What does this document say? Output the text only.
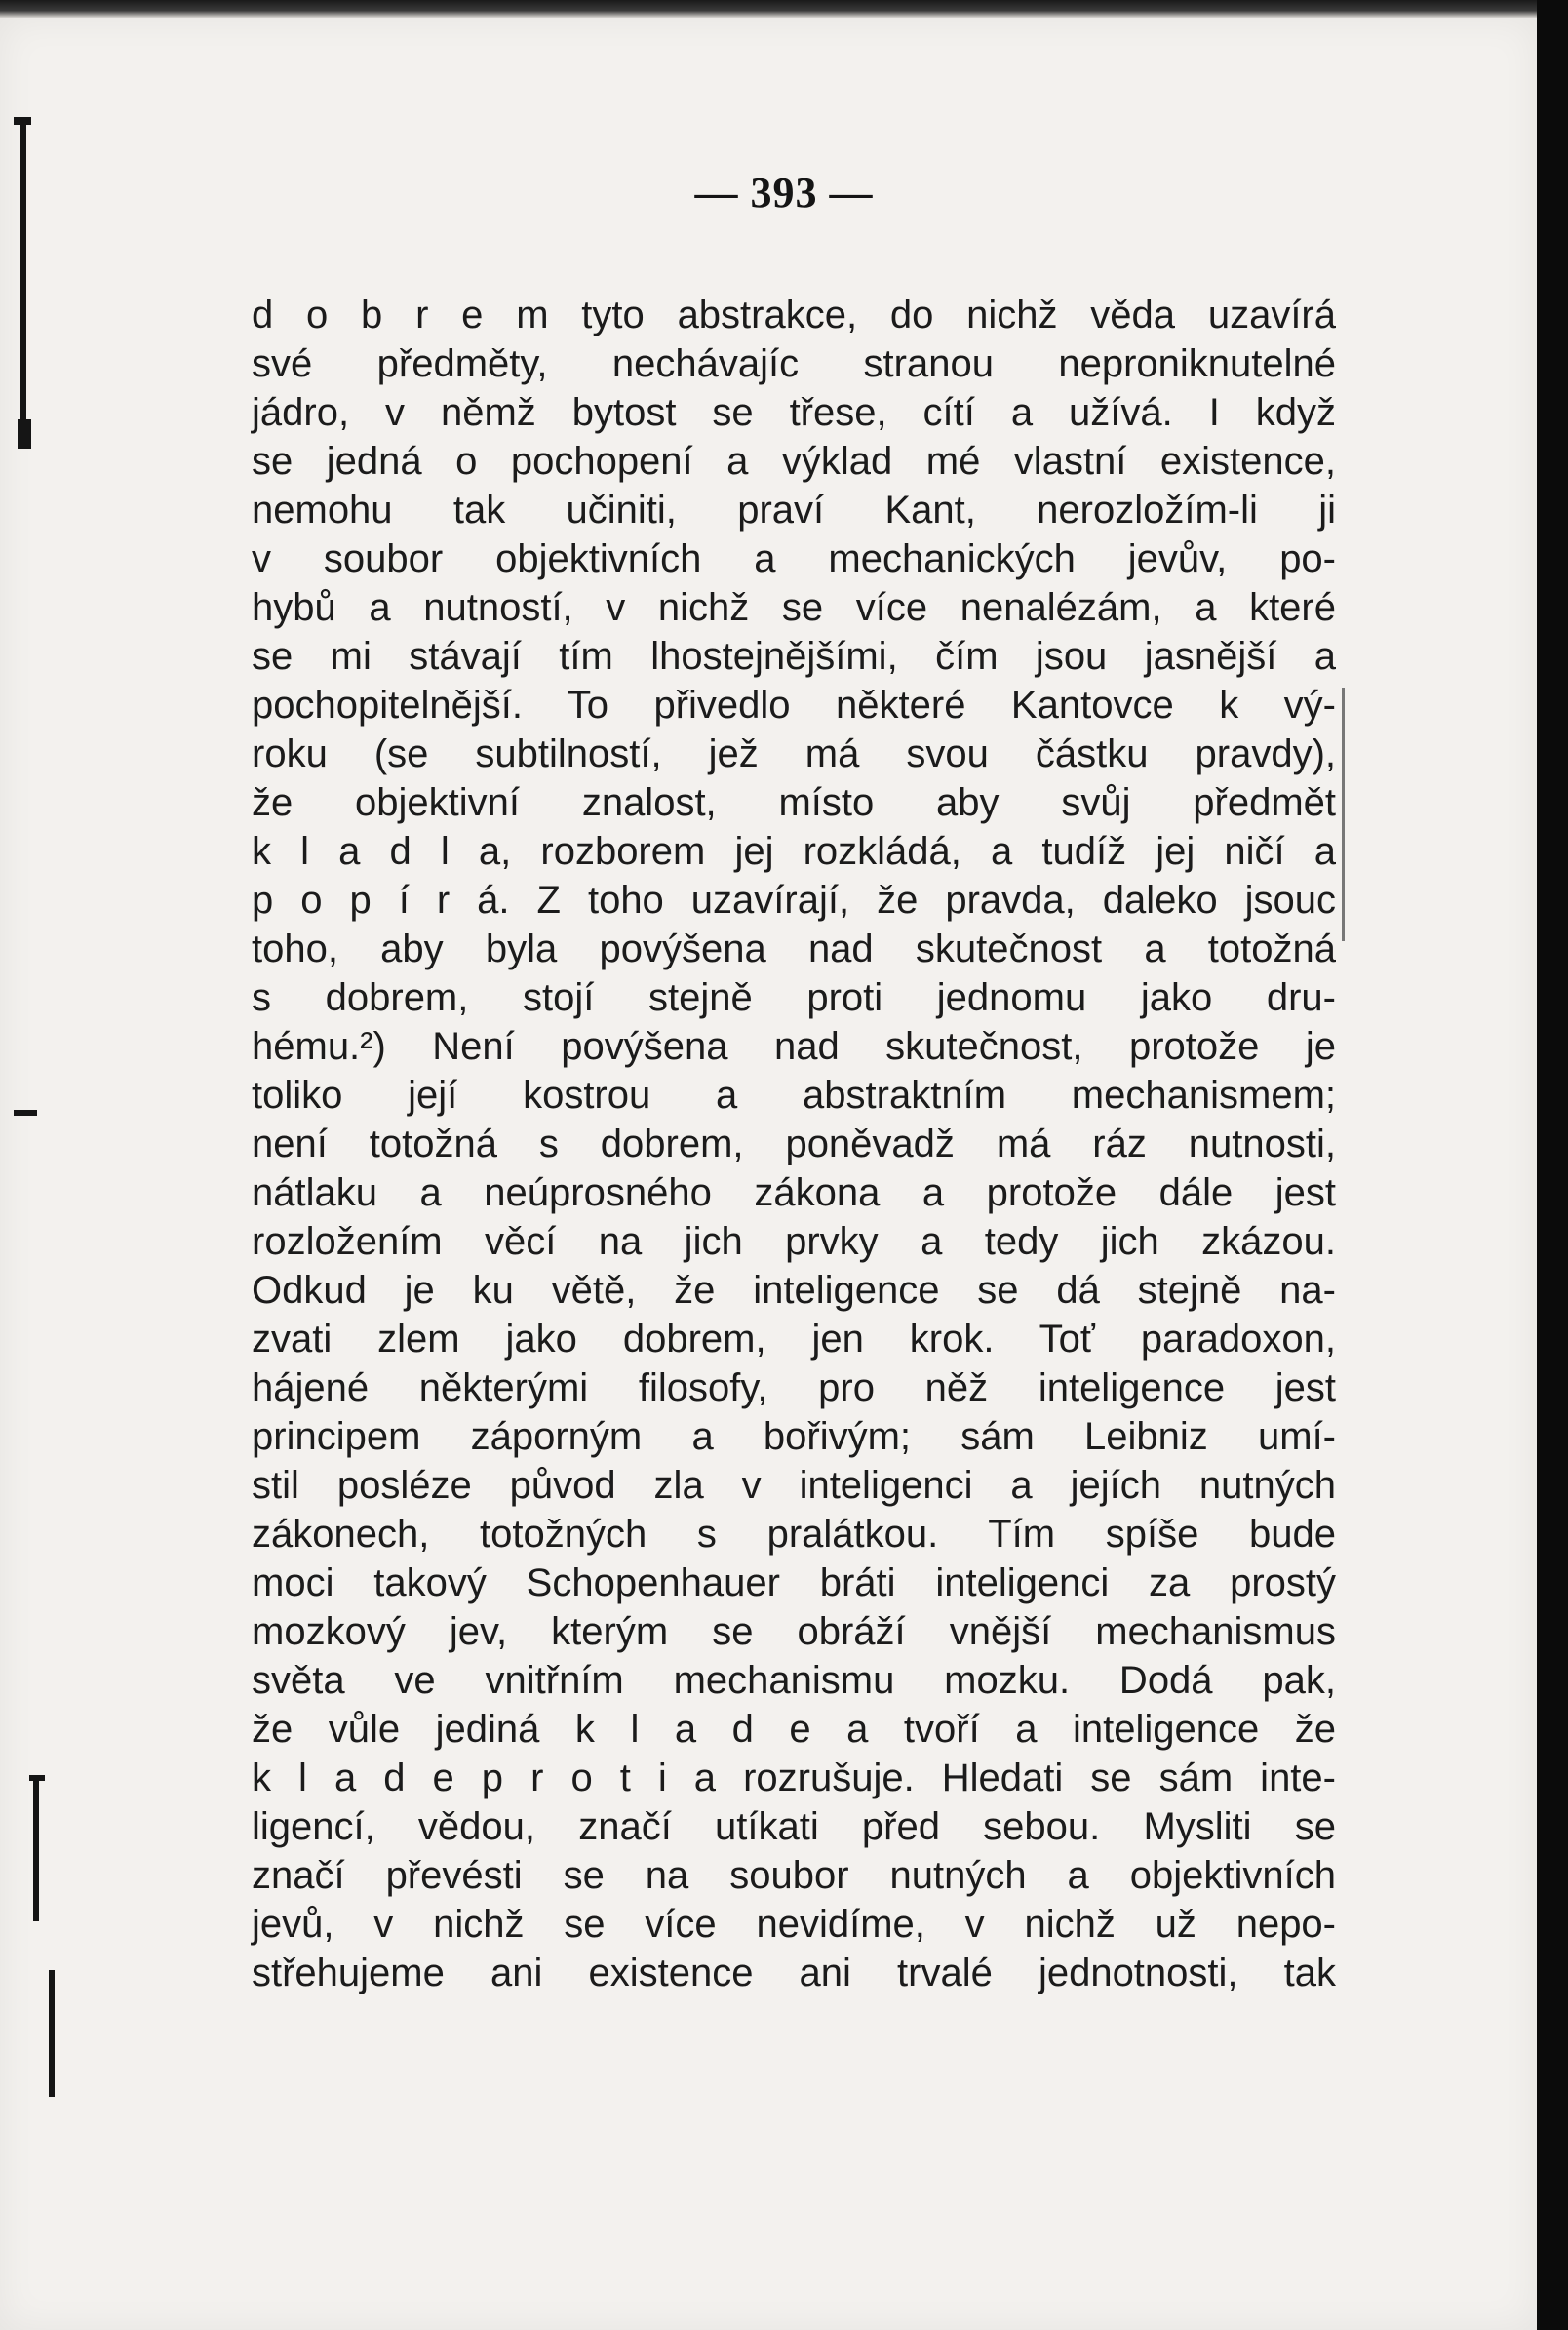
— 393 —
d o b r e m tyto abstrakce, do nichž věda uzavírá
své předměty, nechávajíc stranou neproniknutelné
jádro, v němž bytost se třese, cítí a užívá. I když
se jedná o pochopení a výklad mé vlastní existence,
nemohu tak učiniti, praví Kant, nerozložím-li ji
v soubor objektivních a mechanických jevův, po-
hybů a nutností, v nichž se více nenalézám, a které
se mi stávají tím lhostejnějšími, čím jsou jasnější a
pochopitelnější. To přivedlo některé Kantovce k vý-
roku (se subtilností, jež má svou částku pravdy),
že objektivní znalost, místo aby svůj předmět
k l a d l a, rozborem jej rozkládá, a tudíž jej ničí a
p o p í r á. Z toho uzavírají, že pravda, daleko jsouc
toho, aby byla povýšena nad skutečnost a totožná
s dobrem, stojí stejně proti jednomu jako dru-
hému.²) Není povýšena nad skutečnost, protože je
toliko její kostrou a abstraktním mechanismem;
není totožná s dobrem, poněvadž má ráz nutnosti,
nátlaku a neúprosného zákona a protože dále jest
rozložením věcí na jich prvky a tedy jich zkázou.
Odkud je ku větě, že inteligence se dá stejně na-
zvati zlem jako dobrem, jen krok. Toť paradoxon,
hájené některými filosofy, pro něž inteligence jest
principem záporným a bořivým; sám Leibniz umí-
stil posléze původ zla v inteligenci a jejích nutných
zákonech, totožných s pralátkou. Tím spíše bude
moci takový Schopenhauer bráti inteligenci za prostý
mozkový jev, kterým se obráží vnější mechanismus
světa ve vnitřním mechanismu mozku. Dodá pak,
že vůle jediná k l a d e a tvoří a inteligence že
k l a d e p r o t i a rozrušuje. Hledati se sám inte-
ligencí, vědou, značí utíkati před sebou. Mysliti se
značí převésti se na soubor nutných a objektivních
jevů, v nichž se více nevidíme, v nichž už nepo-
střehujeme ani existence ani trvalé jednotnosti, tak
